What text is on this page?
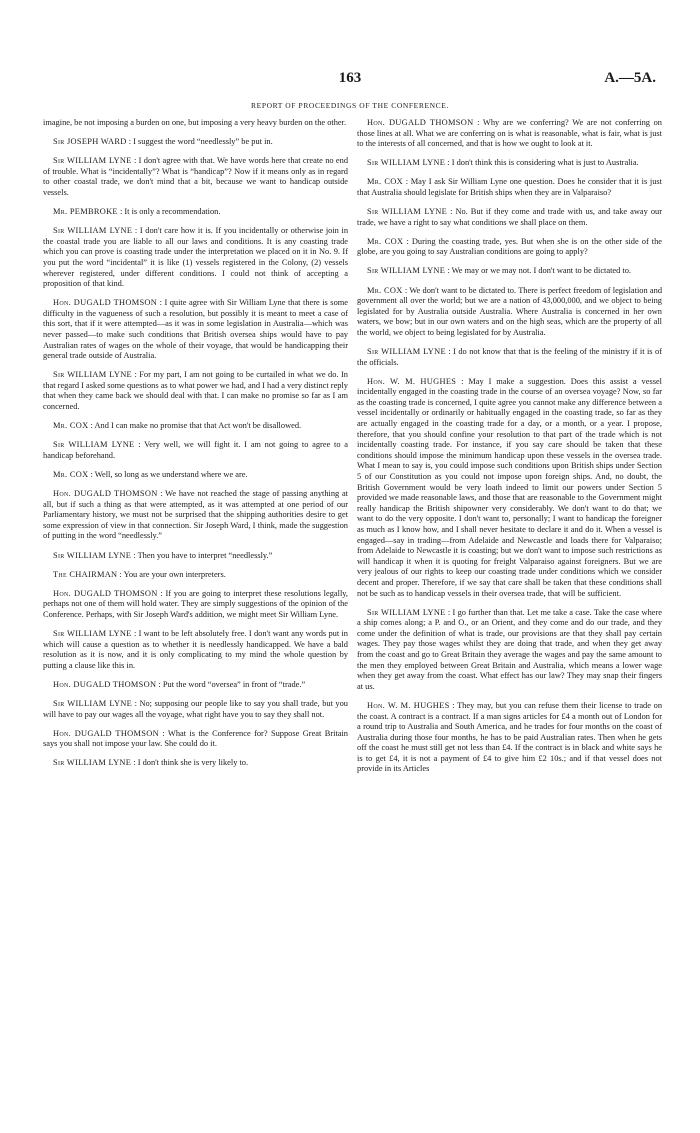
163	A.—5A.
REPORT OF PROCEEDINGS OF THE CONFERENCE.

imagine, be not imposing a burden on one, but imposing a very heavy burden on the other.

Sir JOSEPH WARD : I suggest the word “needlessly” be put in.

Sir WILLIAM LYNE : I don't agree with that. We have words here that create no end of trouble. What is “incidentally”? What is “handicap”? Now if it means only as in regard to other coastal trade, we don't mind that a bit, because we want to handicap outside vessels.

Mr. PEMBROKE : It is only a recommendation.

Sir WILLIAM LYNE : I don't care how it is. If you incidentally or otherwise join in the coastal trade you are liable to all our laws and conditions. It is any coasting trade which you can prove is coasting trade under the interpretation we placed on it in No. 9. If you put the word “incidental” it is like (1) vessels registered in the Colony, (2) vessels wherever registered, under different conditions. I could not think of accepting a proposition of that kind.

Hon. DUGALD THOMSON : I quite agree with Sir William Lyne that there is some difficulty in the vagueness of such a resolution, but possibly it is meant to meet a case of this sort, that if it were attempted—as it was in some legislation in Australia—which was never passed—to make such conditions that British oversea ships would have to pay Australian rates of wages on the whole of their voyage, that would be handicapping their general trade outside of Australia.

Sir WILLIAM LYNE : For my part, I am not going to be curtailed in what we do. In that regard I asked some questions as to what power we had, and I had a very distinct reply that when they came back we should deal with that. I can make no promise so far as I am concerned.

Mr. COX : And I can make no promise that that Act won't be disallowed.

Sir WILLIAM LYNE : Very well, we will fight it. I am not going to agree to a handicap beforehand.

Mr. COX : Well, so long as we understand where we are.

Hon. DUGALD THOMSON : We have not reached the stage of passing anything at all, but if such a thing as that were attempted, as it was attempted at one period of our Parliamentary history, we must not be surprised that the shipping authorities desire to get some expression of view in that connection. Sir Joseph Ward, I think, made the suggestion of putting in the word “needlessly.”

Sir WILLIAM LYNE : Then you have to interpret “needlessly.”

The CHAIRMAN : You are your own interpreters.

Hon. DUGALD THOMSON : If you are going to interpret these resolutions legally, perhaps not one of them will hold water. They are simply suggestions of the opinion of the Conference. Perhaps, with Sir Joseph Ward's addition, we might meet Sir William Lyne.

Sir WILLIAM LYNE : I want to be left absolutely free. I don't want any words put in which will cause a question as to whether it is needlessly handicapped. We have a bald resolution as it is now, and it is only complicating to my mind the whole question by putting a clause like this in.

Hon. DUGALD THOMSON : Put the word “oversea” in front of “trade.”

Sir WILLIAM LYNE : No; supposing our people like to say you shall trade, but you will have to pay our wages all the voyage, what right have you to say they shall not.

Hon. DUGALD THOMSON : What is the Conference for? Suppose Great Britain says you shall not impose your law. She could do it.

Sir WILLIAM LYNE : I don't think she is very likely to.

Hon. DUGALD THOMSON : Why are we conferring? We are not conferring on those lines at all. What we are conferring on is what is reasonable, what is fair, what is just to the interests of all concerned, and that is how we ought to look at it.

Sir WILLIAM LYNE : I don't think this is considering what is just to Australia.

Mr. COX : May I ask Sir William Lyne one question. Does he consider that it is just that Australia should legislate for British ships when they are in Valparaiso?

Sir WILLIAM LYNE : No. But if they come and trade with us, and take away our trade, we have a right to say what conditions we shall place on them.

Mr. COX : During the coasting trade, yes. But when she is on the other side of the globe, are you going to say Australian conditions are going to apply?

Sir WILLIAM LYNE : We may or we may not. I don't want to be dictated to.

Mr. COX : We don't want to be dictated to. There is perfect freedom of legislation and government all over the world; but we are a nation of 43,000,000, and we object to being legislated for by Australia outside Australia. Where Australia is concerned in her own waters, we bow; but in our own waters and on the high seas, which are the property of all the world, we object to being legislated for by Australia.

Sir WILLIAM LYNE : I do not know that that is the feeling of the ministry if it is of the officials.

Hon. W. M. HUGHES : May I make a suggestion. Does this assist a vessel incidentally engaged in the coasting trade in the course of an oversea voyage? Now, so far as the coasting trade is concerned, I quite agree you cannot make any difference between a vessel incidentally or ordinarily or habitually engaged in the coasting trade, so far as they are actually engaged in the coasting trade for a day, or a month, or a year. I propose, therefore, that you should confine your resolution to that part of the trade which is not incidentally coasting trade. For instance, if you say care should be taken that these conditions should impose the minimum handicap upon these vessels in the oversea trade. What I mean to say is, you could impose such conditions upon British ships under Section 5 of our Constitution as you could not impose upon foreign ships. And, no doubt, the British Government would be very loath indeed to limit our powers under Section 5 provided we made reasonable laws, and those that are reasonable to the Government might really handicap the British shipowner very considerably. We don't want to do that; we want to do the very opposite. I don't want to, personally; I want to handicap the foreigner as much as I know how, and I shall never hesitate to declare it and do it. When a vessel is engaged—say in trading—from Adelaide and Newcastle and loads there for Valparaiso; from Adelaide to Newcastle it is coasting; but we don't want to impose such restrictions as will handicap it when it is quoting for freight Valparaiso against foreigners. But we are very jealous of our rights to keep our coasting trade under conditions which we consider decent and proper. Therefore, if we say that care shall be taken that these conditions shall not be such as to handicap vessels in their oversea trade, that will be sufficient.

Sir WILLIAM LYNE : I go further than that. Let me take a case. Take the case where a ship comes along; a P. and O., or an Orient, and they come and do our trade, and they come under the definition of what is trade, our provisions are that they shall pay certain wages. They pay those wages whilst they are doing that trade, and when they get away from the coast and go to Great Britain they average the wages and pay the same amount to the men they employed between Great Britain and Australia, which means a lower wage when they get away from the coast. What effect has our law? They may snap their fingers at us.

Hon. W. M. HUGHES : They may, but you can refuse them their license to trade on the coast. A contract is a contract. If a man signs articles for £4 a month out of London for a round trip to Australia and South America, and he trades for four months on the coast of Australia during those four months, he has to be paid Australian rates. Then when he gets off the coast he must still get not less than £4. If the contract is in black and white says he is to get £4, it is not a payment of £4 to give him £2 10s.; and if that vessel does not provide in its Articles
